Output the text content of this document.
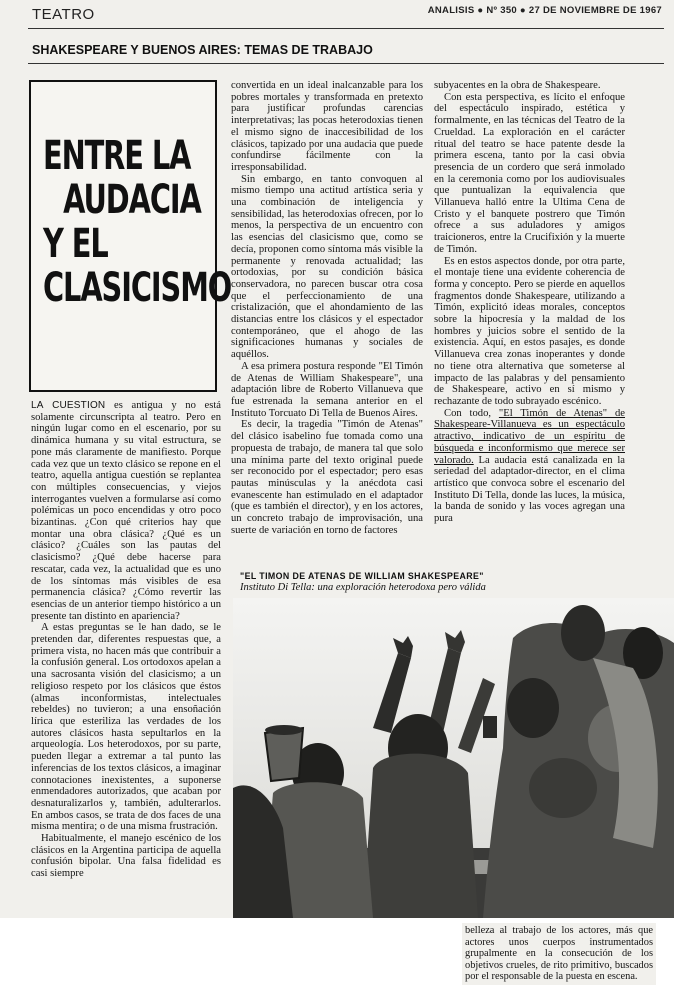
TEATRO	ANALISIS ● Nº 350 ● 27 DE NOVIEMBRE DE 1967
SHAKESPEARE Y BUENOS AIRES: TEMAS DE TRABAJO
ENTRE LA
AUDACIA
Y EL
CLASICISMO

LA CUESTION es antigua y no está solamente circunscripta al teatro. Pero en ningún lugar como en el escenario, por su dinámica humana y su vital estructura, se pone más claramente de manifiesto. Porque cada vez que un texto clásico se repone en el teatro, aquella antigua cuestión se replantea con múltiples consecuencias, y viejos interrogantes vuelven a formularse así como polémicas un poco encendidas y otro poco bizantinas. ¿Con qué criterios hay que montar una obra clásica? ¿Qué es un clásico? ¿Cuáles son las pautas del clasicismo? ¿Qué debe hacerse para rescatar, cada vez, la actualidad que es uno de los síntomas más visibles de esa permanencia clásica? ¿Cómo revertir las esencias de un anterior tiempo histórico a un presente tan distinto en apariencia?

A estas preguntas se le han dado, se le pretenden dar, diferentes respuestas que, a primera vista, no hacen más que contribuir a la confusión general. Los ortodoxos apelan a una sacrosanta visión del clasicismo; a un religioso respeto por los clásicos que éstos (almas inconformistas, intelectuales rebeldes) no tuvieron; a una ensoñación lírica que esteriliza las verdades de los autores clásicos hasta sepultarlos en la arqueología. Los heterodoxos, por su parte, pueden llegar a extremar a tal punto las inferencias de los textos clásicos, a imaginar connotaciones inexistentes, a suponerse enmendadores autorizados, que acaban por desnaturalizarlos y, también, adulterarlos. En ambos casos, se trata de dos faces de una misma mentira; o de una misma frustración.

Habitualmente, el manejo escénico de los clásicos en la Argentina participa de aquella confusión bipolar. Una falsa fidelidad es casi siempre

convertida en un ideal inalcanzable para los pobres mortales y transformada en pretexto para justificar profundas carencias interpretativas; las pocas heterodoxias tienen el mismo signo de inaccesibilidad de los clásicos, tapizado por una audacia que puede confundirse fácilmente con la irresponsabilidad.

Sin embargo, en tanto convoquen al mismo tiempo una actitud artística seria y una combinación de inteligencia y sensibilidad, las heterodoxias ofrecen, por lo menos, la perspectiva de un encuentro con las esencias del clasicismo que, como se decía, proponen como síntoma más visible la permanente y renovada actualidad; las ortodoxias, por su condición básica conservadora, no parecen buscar otra cosa que el perfeccionamiento de una cristalización, que el ahondamiento de las distancias entre los clásicos y el espectador contemporáneo, que el ahogo de las significaciones humanas y sociales de aquéllos.

A esa primera postura responde "El Timón de Atenas de William Shakespeare", una adaptación libre de Roberto Villanueva que fue estrenada la semana anterior en el Instituto Torcuato Di Tella de Buenos Aires.

Es decir, la tragedia "Timón de Atenas" del clásico isabelino fue tomada como una propuesta de trabajo, de manera tal que solo una mínima parte del texto original puede ser reconocido por el espectador; pero esas pautas minúsculas y la anécdota casi evanescente han estimulado en el adaptador (que es también el director), y en los actores, un concreto trabajo de improvisación, una suerte de variación en torno de factores

subyacentes en la obra de Shakespeare.

Con esta perspectiva, es lícito el enfoque del espectáculo inspirado, estética y formalmente, en las técnicas del Teatro de la Crueldad. La exploración en el carácter ritual del teatro se hace patente desde la primera escena, tanto por la casi obvia presencia de un cordero que será inmolado en la ceremonia como por los audiovisuales que puntualizan la equivalencia que Villanueva halló entre la Ultima Cena de Cristo y el banquete postrero que Timón ofrece a sus aduladores y amigos traicioneros, entre la Crucifixión y la muerte de Timón.

Es en estos aspectos donde, por otra parte, el montaje tiene una evidente coherencia de forma y concepto. Pero se pierde en aquellos fragmentos donde Shakespeare, utilizando a Timón, explicitó ideas morales, conceptos sobre la hipocresía y la maldad de los hombres y juicios sobre el sentido de la existencia. Aquí, en estos pasajes, es donde Villanueva crea zonas inoperantes y donde no tiene otra alternativa que someterse al impacto de las palabras y del pensamiento de Shakespeare, activo en sí mismo y rechazante de todo subrayado escénico.

Con todo, "El Timón de Atenas" de Shakespeare-Villanueva es un espectáculo atractivo, indicativo de un espíritu de búsqueda e inconformismo que merece ser valorado. La audacia está canalizada en la seriedad del adaptador-director, en el clima artístico que convoca sobre el escenario del Instituto Di Tella, donde las luces, la música, la banda de sonido y las voces agregan una pura

"EL TIMON DE ATENAS DE WILLIAM SHAKESPEARE"
Instituto Di Tella: una exploración heterodoxa pero válida
belleza al trabajo de los actores, más que actores unos cuerpos instrumentados grupalmente en la consecución de los objetivos crueles, de rito primitivo, buscados por el responsable de la puesta en escena.
